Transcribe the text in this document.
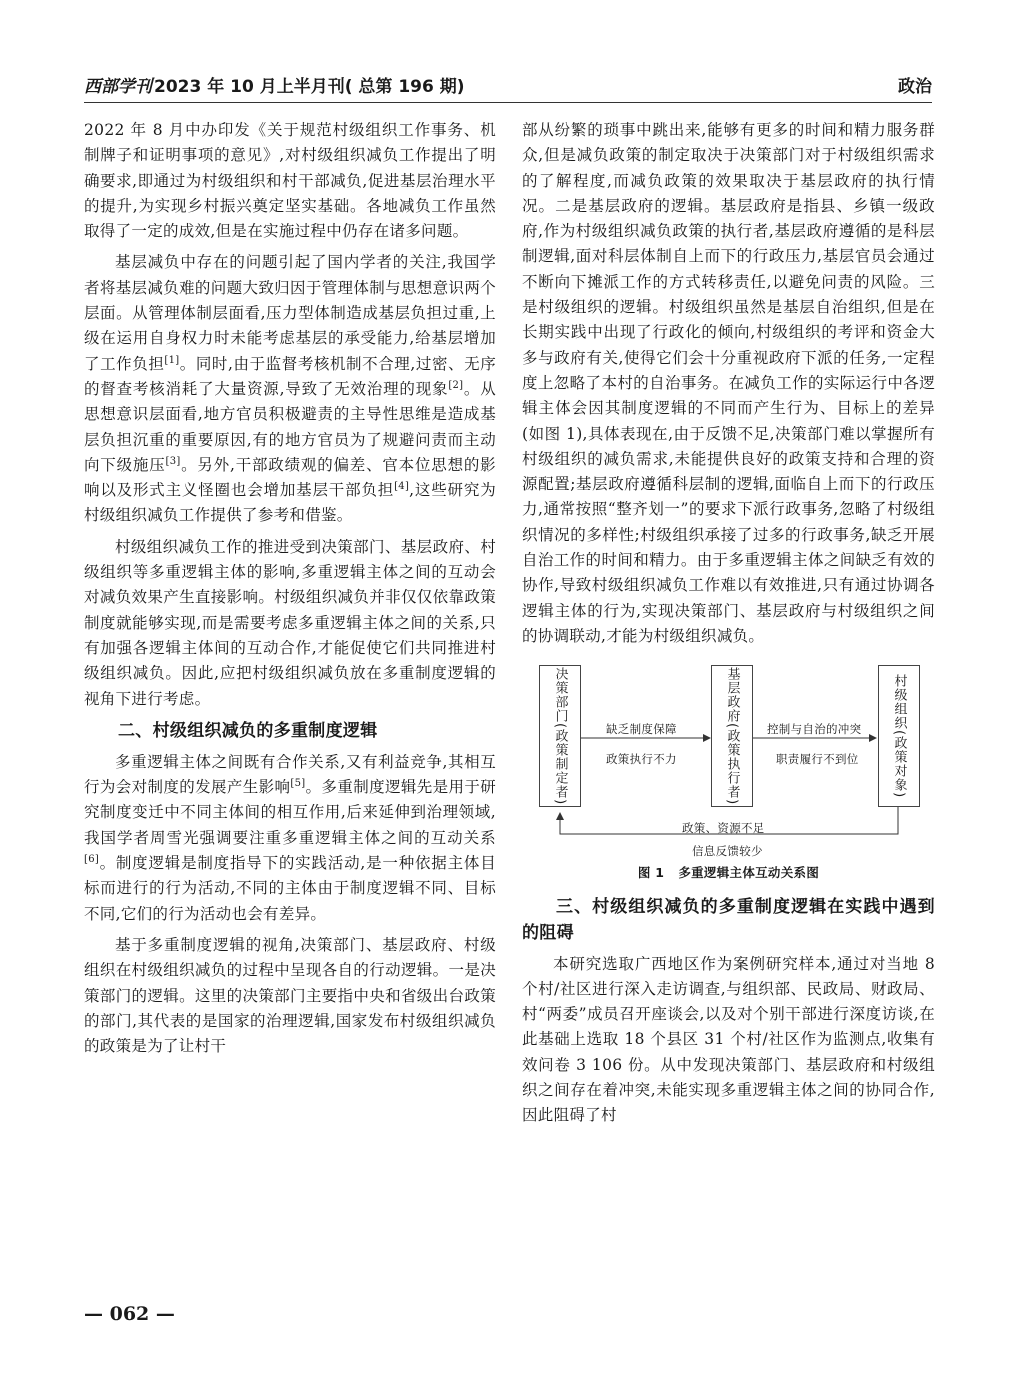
西部学刊 2023 年 10 月上半月刊( 总第 196 期)	政治

2022 年 8 月中办印发《关于规范村级组织工作事务、机制牌子和证明事项的意见》,对村级组织减负工作提出了明确要求,即通过为村级组织和村干部减负,促进基层治理水平的提升,为实现乡村振兴奠定坚实基础。各地减负工作虽然取得了一定的成效,但是在实施过程中仍存在诸多问题。

基层减负中存在的问题引起了国内学者的关注,我国学者将基层减负难的问题大致归因于管理体制与思想意识两个层面。从管理体制层面看,压力型体制造成基层负担过重,上级在运用自身权力时未能考虑基层的承受能力,给基层增加了工作负担[1]。同时,由于监督考核机制不合理,过密、无序的督查考核消耗了大量资源,导致了无效治理的现象[2]。从思想意识层面看,地方官员积极避责的主导性思维是造成基层负担沉重的重要原因,有的地方官员为了规避问责而主动向下级施压[3]。另外,干部政绩观的偏差、官本位思想的影响以及形式主义怪圈也会增加基层干部负担[4],这些研究为村级组织减负工作提供了参考和借鉴。

村级组织减负工作的推进受到决策部门、基层政府、村级组织等多重逻辑主体的影响,多重逻辑主体之间的互动会对减负效果产生直接影响。村级组织减负并非仅仅依靠政策制度就能够实现,而是需要考虑多重逻辑主体之间的关系,只有加强各逻辑主体间的互动合作,才能促使它们共同推进村级组织减负。因此,应把村级组织减负放在多重制度逻辑的视角下进行考虑。

二、村级组织减负的多重制度逻辑

多重逻辑主体之间既有合作关系,又有利益竞争,其相互行为会对制度的发展产生影响[5]。多重制度逻辑先是用于研究制度变迁中不同主体间的相互作用,后来延伸到治理领域,我国学者周雪光强调要注重多重逻辑主体之间的互动关系[6]。制度逻辑是制度指导下的实践活动,是一种依据主体目标而进行的行为活动,不同的主体由于制度逻辑不同、目标不同,它们的行为活动也会有差异。

基于多重制度逻辑的视角,决策部门、基层政府、村级组织在村级组织减负的过程中呈现各自的行动逻辑。一是决策部门的逻辑。这里的决策部门主要指中央和省级出台政策的部门,其代表的是国家的治理逻辑,国家发布村级组织减负的政策是为了让村干

部从纷繁的琐事中跳出来,能够有更多的时间和精力服务群众,但是减负政策的制定取决于决策部门对于村级组织需求的了解程度,而减负政策的效果取决于基层政府的执行情况。二是基层政府的逻辑。基层政府是指县、乡镇一级政府,作为村级组织减负政策的执行者,基层政府遵循的是科层制逻辑,面对科层体制自上而下的行政压力,基层官员会通过不断向下摊派工作的方式转移责任,以避免问责的风险。三是村级组织的逻辑。村级组织虽然是基层自治组织,但是在长期实践中出现了行政化的倾向,村级组织的考评和资金大多与政府有关,使得它们会十分重视政府下派的任务,一定程度上忽略了本村的自治事务。在减负工作的实际运行中各逻辑主体会因其制度逻辑的不同而产生行为、目标上的差异(如图 1),具体表现在,由于反馈不足,决策部门难以掌握所有村级组织的减负需求,未能提供良好的政策支持和合理的资源配置;基层政府遵循科层制的逻辑,面临自上而下的行政压力,通常按照“整齐划一”的要求下派行政事务,忽略了村级组织情况的多样性;村级组织承接了过多的行政事务,缺乏开展自治工作的时间和精力。由于多重逻辑主体之间缺乏有效的协作,导致村级组织减负工作难以有效推进,只有通过协调各逻辑主体的行为,实现决策部门、基层政府与村级组织之间的协调联动,才能为村级组织减负。

决策部门(政策制定者)	基层政府(政策执行者)	村级组织(政策对象)
缺乏制度保障
政策执行不力
控制与自治的冲突
职责履行不到位
政策、资源不足
信息反馈较少
图 1 多重逻辑主体互动关系图
三、村级组织减负的多重制度逻辑在实践中遇到的阻碍

本研究选取广西地区作为案例研究样本,通过对当地 8 个村/社区进行深入走访调查,与组织部、民政局、财政局、村“两委”成员召开座谈会,以及对个别干部进行深度访谈,在此基础上选取 18 个县区 31 个村/社区作为监测点,收集有效问卷 3 106 份。从中发现决策部门、基层政府和村级组织之间存在着冲突,未能实现多重逻辑主体之间的协同合作,因此阻碍了村

— 062 —
